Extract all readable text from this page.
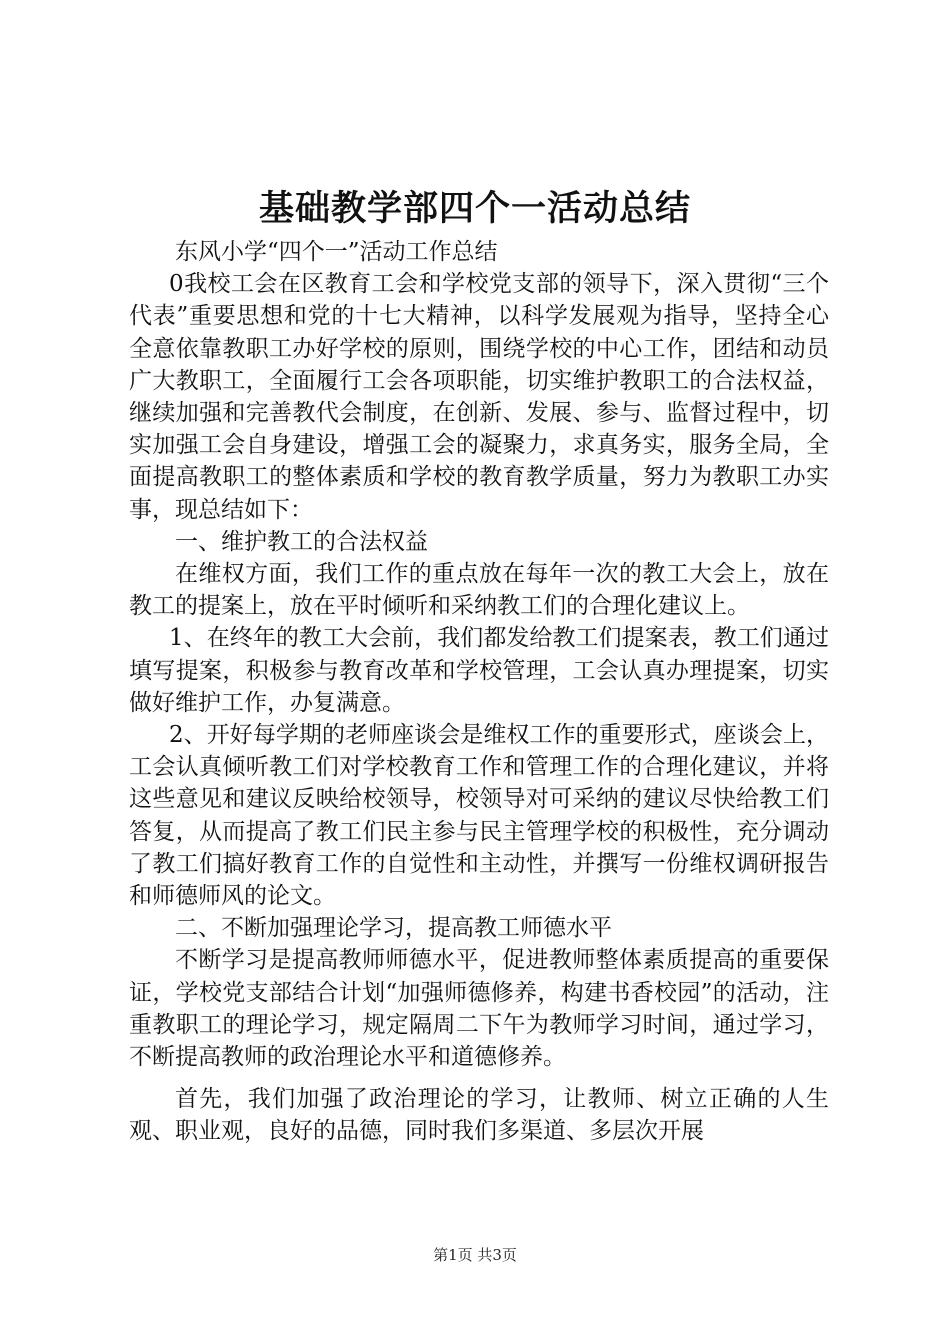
基础教学部四个一活动总结

东风小学“四个一”活动工作总结

0我校工会在区教育工会和学校党支部的领导下，深入贯彻“三个代表”重要思想和党的十七大精神，以科学发展观为指导，坚持全心全意依靠教职工办好学校的原则，围绕学校的中心工作，团结和动员广大教职工，全面履行工会各项职能，切实维护教职工的合法权益，继续加强和完善教代会制度，在创新、发展、参与、监督过程中，切实加强工会自身建设，增强工会的凝聚力，求真务实，服务全局，全面提高教职工的整体素质和学校的教育教学质量，努力为教职工办实事，现总结如下：

一、维护教工的合法权益

在维权方面，我们工作的重点放在每年一次的教工大会上，放在教工的提案上，放在平时倾听和采纳教工们的合理化建议上。

1、在终年的教工大会前，我们都发给教工们提案表，教工们通过填写提案，积极参与教育改革和学校管理，工会认真办理提案，切实做好维护工作，办复满意。

2、开好每学期的老师座谈会是维权工作的重要形式，座谈会上，工会认真倾听教工们对学校教育工作和管理工作的合理化建议，并将这些意见和建议反映给校领导，校领导对可采纳的建议尽快给教工们答复，从而提高了教工们民主参与民主管理学校的积极性，充分调动了教工们搞好教育工作的自觉性和主动性，并撰写一份维权调研报告和师德师风的论文。

二、不断加强理论学习，提高教工师德水平

不断学习是提高教师师德水平，促进教师整体素质提高的重要保证，学校党支部结合计划“加强师德修养，构建书香校园”的活动，注重教职工的理论学习，规定隔周二下午为教师学习时间，通过学习，不断提高教师的政治理论水平和道德修养。

首先，我们加强了政治理论的学习，让教师、树立正确的人生观、职业观，良好的品德，同时我们多渠道、多层次开展

第1页 共3页
